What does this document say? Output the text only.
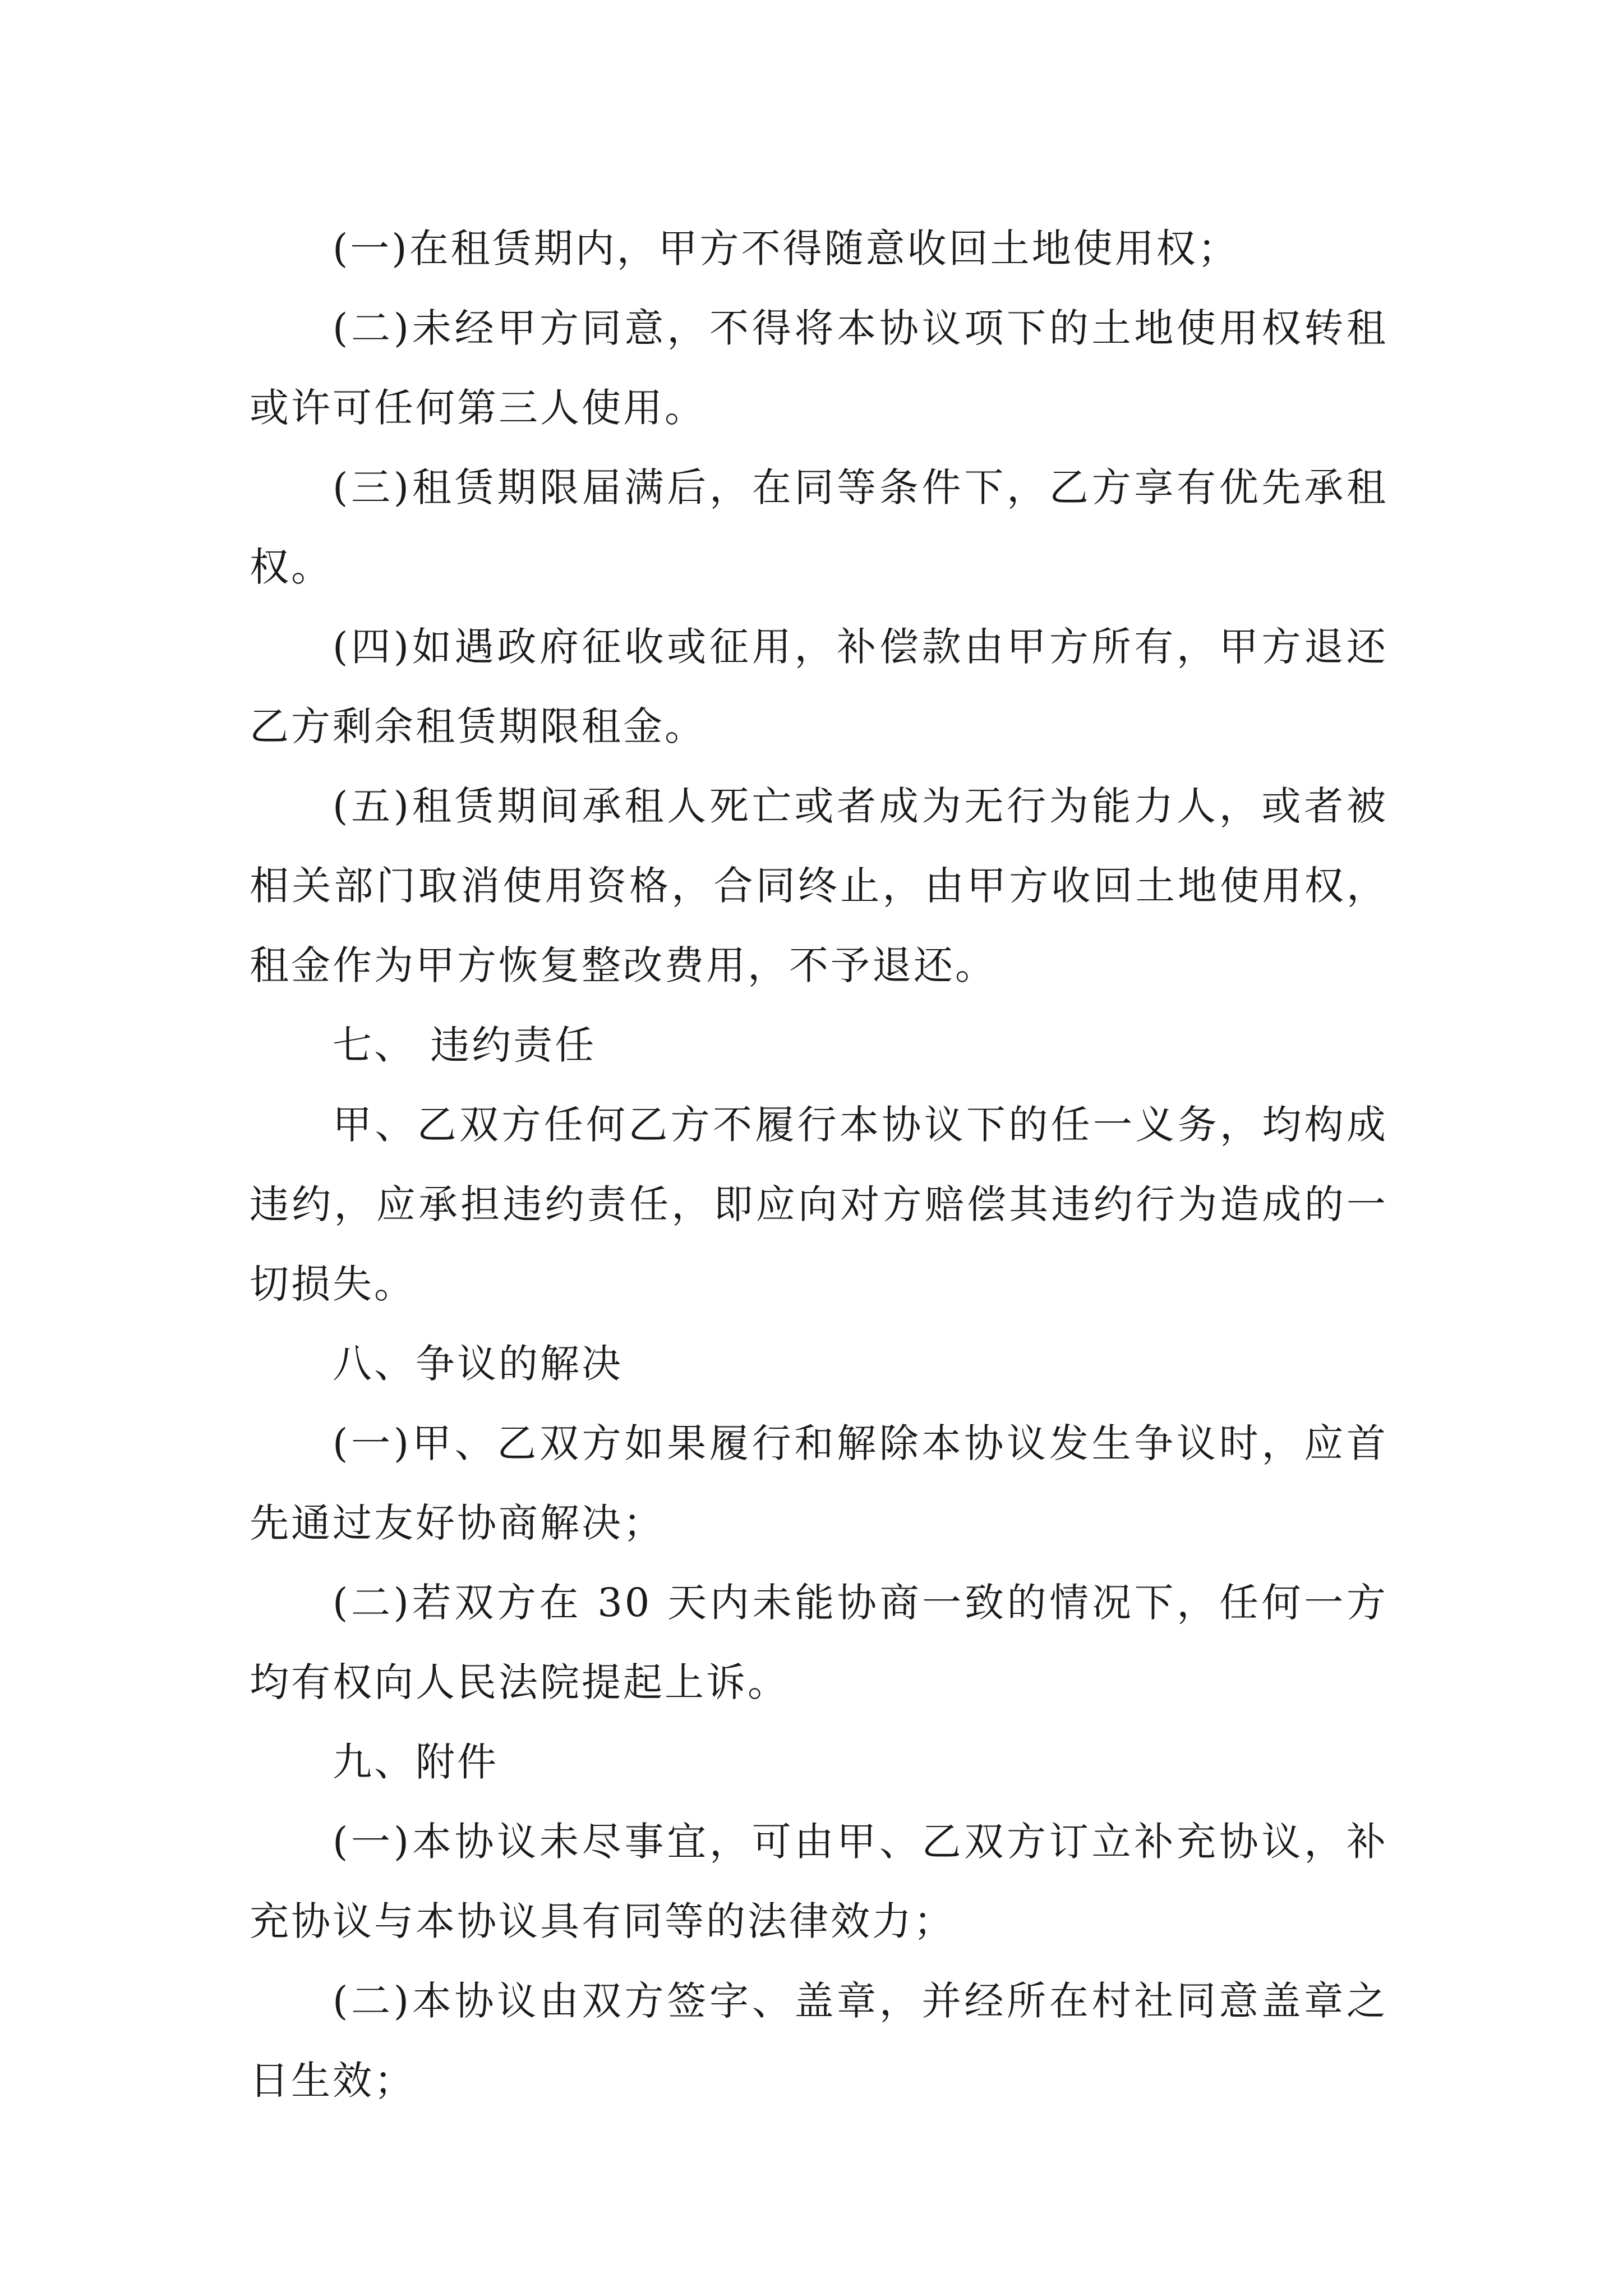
(一)在租赁期内，甲方不得随意收回土地使用权；

(二)未经甲方同意，不得将本协议项下的土地使用权转租或许可任何第三人使用。

(三)租赁期限届满后，在同等条件下，乙方享有优先承租权。

(四)如遇政府征收或征用，补偿款由甲方所有，甲方退还乙方剩余租赁期限租金。

(五)租赁期间承租人死亡或者成为无行为能力人，或者被相关部门取消使用资格，合同终止，由甲方收回土地使用权，租金作为甲方恢复整改费用，不予退还。

七、 违约责任

甲、乙双方任何乙方不履行本协议下的任一义务，均构成违约，应承担违约责任，即应向对方赔偿其违约行为造成的一切损失。

八、争议的解决

(一)甲、乙双方如果履行和解除本协议发生争议时，应首先通过友好协商解决；

(二)若双方在 30 天内未能协商一致的情况下，任何一方均有权向人民法院提起上诉。

九、附件

(一)本协议未尽事宜，可由甲、乙双方订立补充协议，补充协议与本协议具有同等的法律效力；

(二)本协议由双方签字、盖章，并经所在村社同意盖章之日生效；
